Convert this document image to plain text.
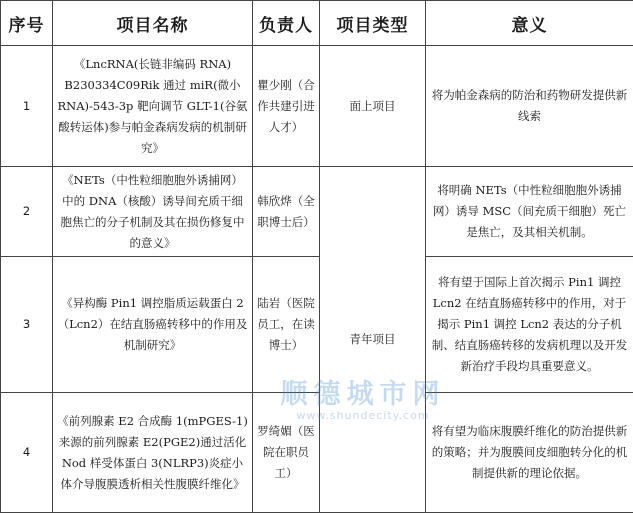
序号	项目名称	负责人	项目类型	意义
1	《LncRNA(长链非编码 RNA) B230334C09Rik 通过 miR(微小 RNA)-543-3p 靶向调节 GLT-1(谷氨酸转运体)参与帕金森病发病的机制研究》	瞿少刚（合作共建引进人才）	面上项目	将为帕金森病的防治和药物研发提供新线索
2	《NETs（中性粒细胞胞外诱捕网）中的 DNA（核酸）诱导间充质干细胞焦亡的分子机制及其在损伤修复中的意义》	韩欣烨（全职博士后）	青年项目	将明确 NETs（中性粒细胞胞外诱捕网）诱导 MSC（间充质干细胞）死亡是焦亡，及其相关机制。
3	《异构酶 Pin1 调控脂质运载蛋白 2（Lcn2）在结直肠癌转移中的作用及机制研究》	陆岩（医院员工，在读博士）		将有望于国际上首次揭示 Pin1 调控 Lcn2 在结直肠癌转移中的作用，对于揭示 Pin1 调控 Lcn2 表达的分子机制、结直肠癌转移的发病机理以及开发新治疗手段均具重要意义。
4	《前列腺素 E2 合成酶 1(mPGES-1)来源的前列腺素 E2(PGE2)通过活化 Nod 样受体蛋白 3(NLRP3)炎症小体介导腹膜透析相关性腹膜纤维化》	罗绮媚（医院在职员工）		将有望为临床腹膜纤维化的防治提供新的策略；并为腹膜间皮细胞转分化的机制提供新的理论依据。
顺德城市网
www.shundecity.com
